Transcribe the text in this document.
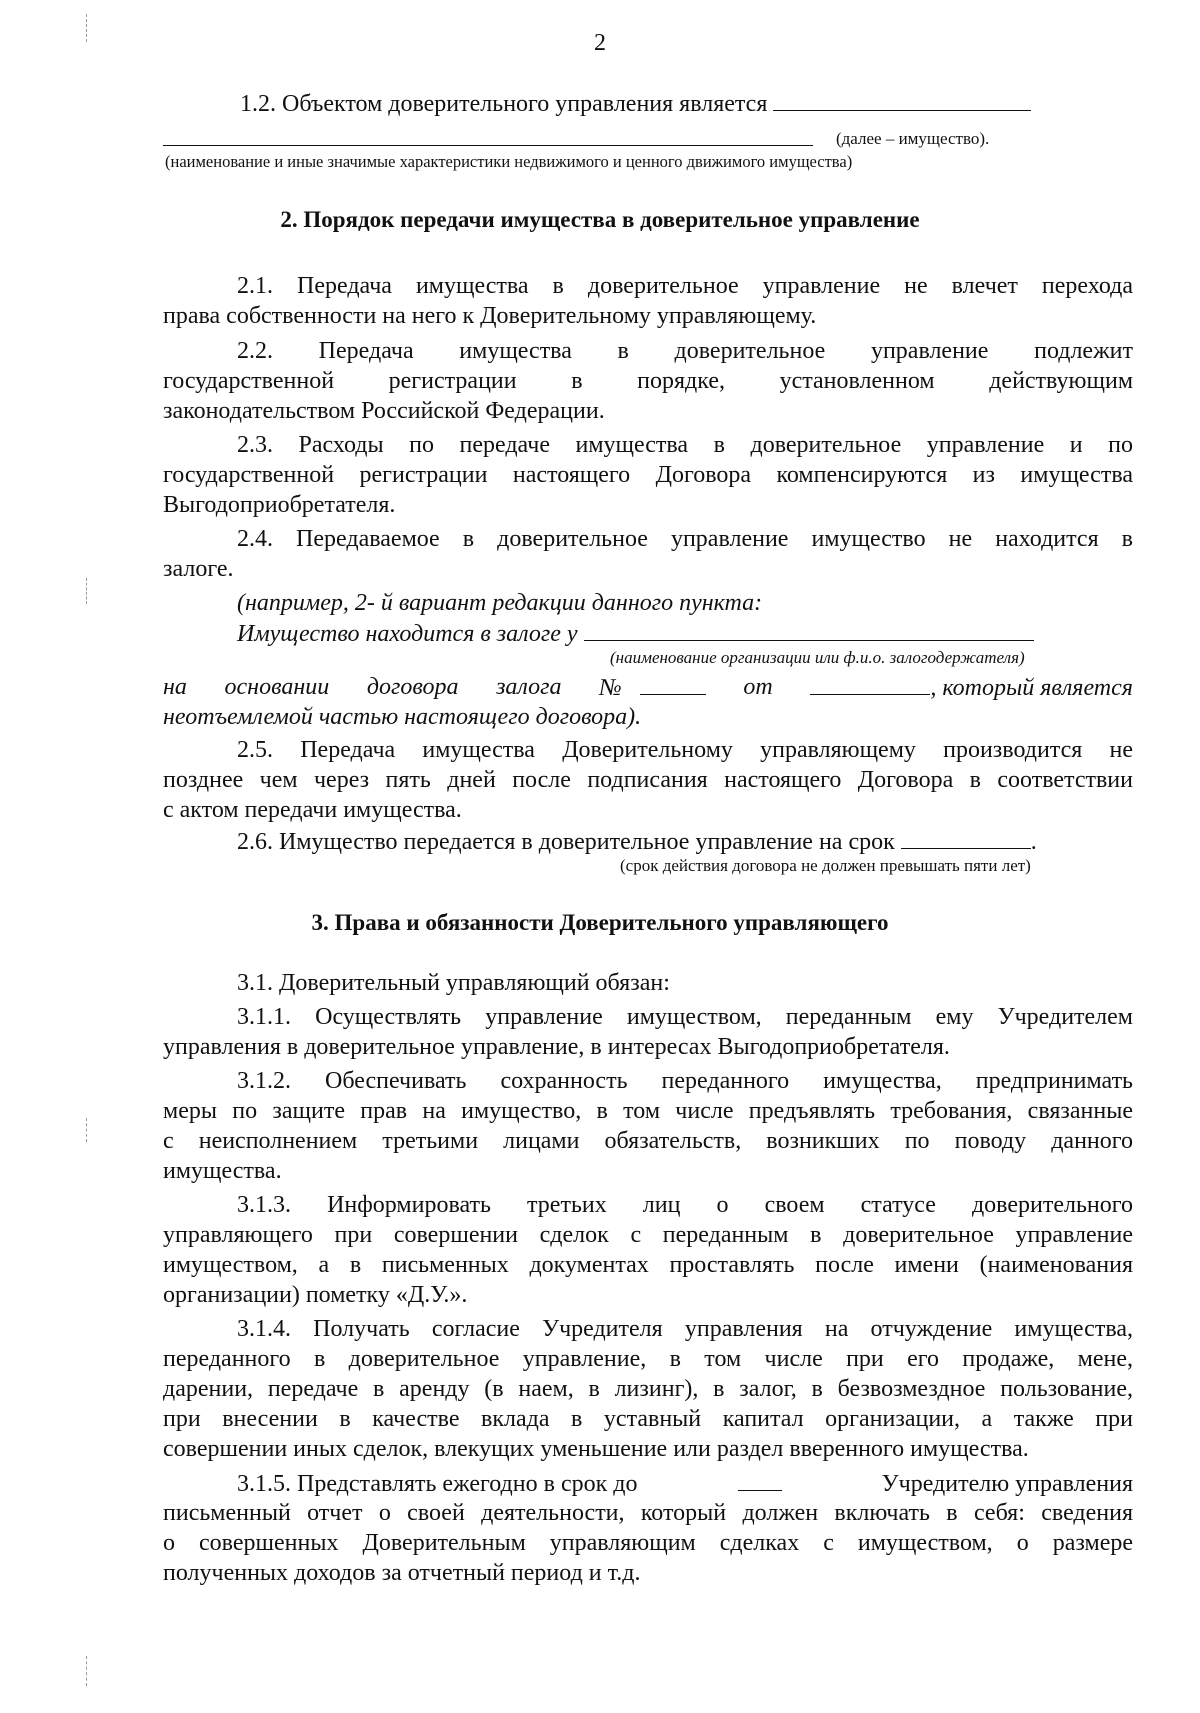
2
1.2. Объектом доверительного управления является
(далее – имущество).
(наименование и иные значимые характеристики недвижимого и ценного движимого имущества)
2. Порядок передачи имущества в доверительное управление
2.1. Передача имущества в доверительное управление не влечет перехода
права собственности на него к Доверительному управляющему.
2.2. Передача имущества в доверительное управление подлежит
государственной регистрации в порядке, установленном действующим
законодательством Российской Федерации.
2.3. Расходы по передаче имущества в доверительное управление и по
государственной регистрации настоящего Договора компенсируются из имущества
Выгодоприобретателя.
2.4. Передаваемое в доверительное управление имущество не находится в
залоге.
(например, 2- й вариант редакции данного пункта:
Имущество находится в залоге у
(наименование организации или ф.и.о. залогодержателя)
на основании договора залога №	от	, который является
неотъемлемой частью настоящего договора).
2.5. Передача имущества Доверительному управляющему производится не
позднее чем через пять дней после подписания настоящего Договора в соответствии
с актом передачи имущества.
2.6. Имущество передается в доверительное управление на срок	.
(срок действия договора не должен превышать пяти лет)
3. Права и обязанности Доверительного управляющего
3.1. Доверительный управляющий обязан:
3.1.1. Осуществлять управление имуществом, переданным ему Учредителем
управления в доверительное управление, в интересах Выгодоприобретателя.
3.1.2. Обеспечивать сохранность переданного имущества, предпринимать
меры по защите прав на имущество, в том числе предъявлять требования, связанные
с неисполнением третьими лицами обязательств, возникших по поводу данного
имущества.
3.1.3. Информировать третьих лиц о своем статусе доверительного
управляющего при совершении сделок с переданным в доверительное управление
имуществом, а в письменных документах проставлять после имени (наименования
организации) пометку «Д.У.».
3.1.4. Получать согласие Учредителя управления на отчуждение имущества,
переданного в доверительное управление, в том числе при его продаже, мене,
дарении, передаче в аренду (в наем, в лизинг), в залог, в безвозмездное пользование,
при внесении в качестве вклада в уставный капитал организации, а также при
совершении иных сделок, влекущих уменьшение или раздел вверенного имущества.
3.1.5. Представлять ежегодно в срок до	Учредителю управления
письменный отчет о своей деятельности, который должен включать в себя: сведения
о совершенных Доверительным управляющим сделках с имуществом, о размере
полученных доходов за отчетный период и т.д.
